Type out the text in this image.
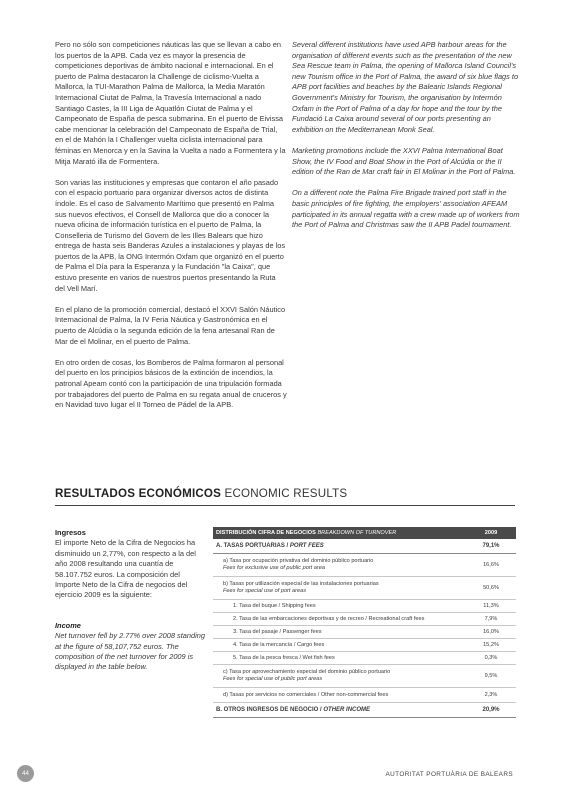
Pero no sólo son competiciones náuticas las que se llevan a cabo en los puertos de la APB. Cada vez es mayor la presencia de competiciones deportivas de ámbito nacional e internacional. En el puerto de Palma destacaron la Challenge de ciclismo-Vuelta a Mallorca, la TUI-Marathon Palma de Mallorca, la Media Maratón Internacional Ciutat de Palma, la Travesía Internacional a nado Santiago Castes, la III Liga de Aquatlón Ciutat de Palma y el Campeonato de España de pesca submarina. En el puerto de Eivissa cabe mencionar la celebración del Campeonato de España de Trial, en el de Mahón la I Challenger vuelta ciclista internacional para féminas en Menorca y en la Savina la Vuelta a nado a Formentera y la Mitja Marató illa de Formentera.

Son varias las instituciones y empresas que contaron el año pasado con el espacio portuario para organizar diversos actos de distinta índole. Es el caso de Salvamento Marítimo que presentó en Palma sus nuevos efectivos, el Consell de Mallorca que dio a conocer la nueva oficina de información turística en el puerto de Palma, la Conselleria de Turismo del Govern de les Illes Balears que hizo entrega de hasta seis Banderas Azules a instalaciones y playas de los puertos de la APB, la ONG Intermón Oxfam que organizó en el puerto de Palma el Día para la Esperanza y la Fundación "la Caixa", que estuvo presente en varios de nuestros puertos presentando la Ruta del Vell Marí.

En el plano de la promoción comercial, destacó el XXVI Salón Náutico Internacional de Palma, la IV Feria Náutica y Gastronómica en el puerto de Alcúdia o la segunda edición de la fena artesanal Ran de Mar de el Molinar, en el puerto de Palma.

En otro orden de cosas, los Bomberos de Palma formaron al personal del puerto en los principios básicos de la extinción de incendios, la patronal Apeam contó con la participación de una tripulación formada por trabajadores del puerto de Palma en su regata anual de cruceros y en Navidad tuvo lugar el II Torneo de Pádel de la APB.

Several different institutions have used APB harbour areas for the organisation of different events such as the presentation of the new Sea Rescue team in Palma, the opening of Mallorca Island Council's new Tourism office in the Port of Palma, the award of six blue flags to APB port facilities and beaches by the Balearic Islands Regional Government's Ministry for Tourism, the organisation by Intermón Oxfam in the Port of Palma of a day for hope and the tour by the Fundació La Caixa around several of our ports presenting an exhibition on the Mediterranean Monk Seal.

Marketing promotions include the XXVI Palma International Boat Show, the IV Food and Boat Show in the Port of Alcúdia or the II edition of the Ran de Mar craft fair in El Molinar in the Port of Palma.

On a different note the Palma Fire Brigade trained port staff in the basic principles of fire fighting, the employers' association AFEAM participated in its annual regatta with a crew made up of workers from the Port of Palma and Christmas saw the II APB Padel tournament.

RESULTADOS ECONÓMICOS ECONOMIC RESULTS
Ingresos
El importe Neto de la Cifra de Negocios ha disminuido un 2,77%, con respecto a la del año 2008 resultando una cuantía de 58.107.752 euros. La composición del Importe Neto de la Cifra de negocios del ejercicio 2009 es la siguiente:
Income
Net turnover fell by 2.77% over 2008 standing at the figure of 58,107,752 euros. The composition of the net turnover for 2009 is displayed in the table below.
DISTRIBUCIÓN CIFRA DE NEGOCIOS BREAKDOWN OF TURNOVER	2009
A. TASAS PORTUARIAS / PORT FEES	79,1%
a) Tasa por ocupación privativa del dominio público portuario
Fees for exclusive use of public port area	16,6%
b) Tasas por utilización especial de las instalaciones portuarias
Fees for special use of port areas	50,6%
1. Tasa del buque / Shipping fees	11,3%
2. Tasa de las embarcaciones deportivas y de recreo / Recreational craft fees	7,9%
3. Tasa del pasaje / Passenger fees	16,0%
4. Tasa de la mercancía / Cargo fees	15,2%
5. Tasa de la pesca fresca / Wet fish fees	0,3%
c) Tasa por aprovechamiento especial del dominio público portuario
Fees for special use of public port areas	9,5%
d) Tasas por servicios no comerciales / Other non-commercial fees	2,3%
B. OTROS INGRESOS DE NEGOCIO / OTHER INCOME	20,9%
44	AUTORITAT PORTUÀRIA DE BALEARS
